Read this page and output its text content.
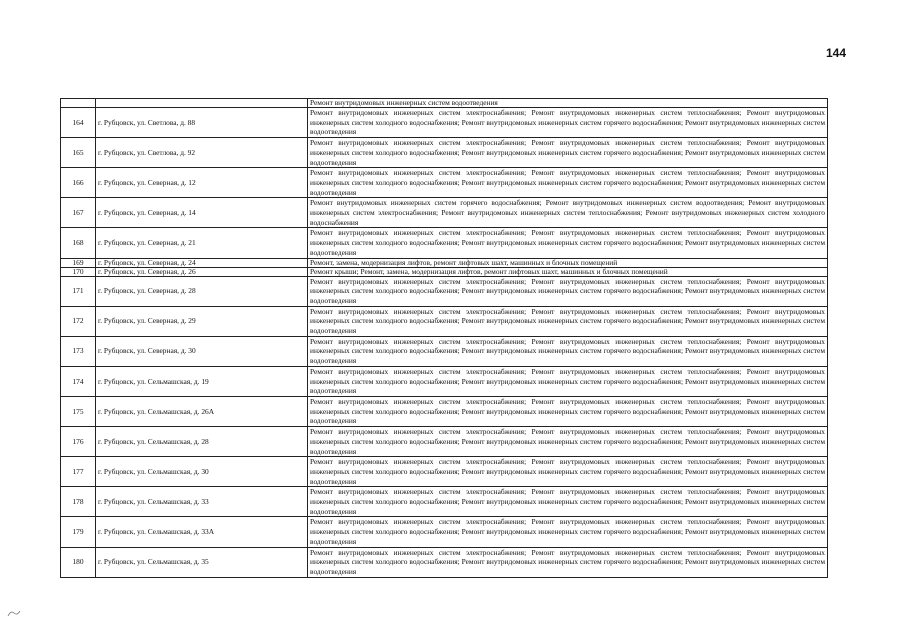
144
		Ремонт внутридомовых инженерных систем водоотведения
164	г. Рубцовск, ул. Светлова, д. 88	Ремонт внутридомовых инженерных систем электроснабжения; Ремонт внутридомовых инженерных систем теплоснабжения; Ремонт внутридомовых инженерных систем холодного водоснабжения; Ремонт внутридомовых инженерных систем горячего водоснабжения; Ремонт внутридомовых инженерных систем водоотведения
165	г. Рубцовск, ул. Светлова, д. 92	Ремонт внутридомовых инженерных систем электроснабжения; Ремонт внутридомовых инженерных систем теплоснабжения; Ремонт внутридомовых инженерных систем холодного водоснабжения; Ремонт внутридомовых инженерных систем горячего водоснабжения; Ремонт внутридомовых инженерных систем водоотведения
166	г. Рубцовск, ул. Северная, д. 12	Ремонт внутридомовых инженерных систем электроснабжения; Ремонт внутридомовых инженерных систем теплоснабжения; Ремонт внутридомовых инженерных систем холодного водоснабжения; Ремонт внутридомовых инженерных систем горячего водоснабжения; Ремонт внутридомовых инженерных систем водоотведения
167	г. Рубцовск, ул. Северная, д. 14	Ремонт внутридомовых инженерных систем горячего водоснабжения; Ремонт внутридомовых инженерных систем водоотведения; Ремонт внутридомовых инженерных систем электроснабжения; Ремонт внутридомовых инженерных систем теплоснабжения; Ремонт внутридомовых инженерных систем холодного водоснабжения
168	г. Рубцовск, ул. Северная, д. 21	Ремонт внутридомовых инженерных систем электроснабжения; Ремонт внутридомовых инженерных систем теплоснабжения; Ремонт внутридомовых инженерных систем холодного водоснабжения; Ремонт внутридомовых инженерных систем горячего водоснабжения; Ремонт внутридомовых инженерных систем водоотведения
169	г. Рубцовск, ул. Северная, д. 24	Ремонт, замена, модернизация лифтов, ремонт лифтовых шахт, машинных и блочных помещений
170	г. Рубцовск, ул. Северная, д. 26	Ремонт крыши; Ремонт, замена, модернизация лифтов, ремонт лифтовых шахт, машинных и блочных помещений
171	г. Рубцовск, ул. Северная, д. 28	Ремонт внутридомовых инженерных систем электроснабжения; Ремонт внутридомовых инженерных систем теплоснабжения; Ремонт внутридомовых инженерных систем холодного водоснабжения; Ремонт внутридомовых инженерных систем горячего водоснабжения; Ремонт внутридомовых инженерных систем водоотведения
172	г. Рубцовск, ул. Северная, д. 29	Ремонт внутридомовых инженерных систем электроснабжения; Ремонт внутридомовых инженерных систем теплоснабжения; Ремонт внутридомовых инженерных систем холодного водоснабжения; Ремонт внутридомовых инженерных систем горячего водоснабжения; Ремонт внутридомовых инженерных систем водоотведения
173	г. Рубцовск, ул. Северная, д. 30	Ремонт внутридомовых инженерных систем электроснабжения; Ремонт внутридомовых инженерных систем теплоснабжения; Ремонт внутридомовых инженерных систем холодного водоснабжения; Ремонт внутридомовых инженерных систем горячего водоснабжения; Ремонт внутридомовых инженерных систем водоотведения
174	г. Рубцовск, ул. Сельмашская, д. 19	Ремонт внутридомовых инженерных систем электроснабжения; Ремонт внутридомовых инженерных систем теплоснабжения; Ремонт внутридомовых инженерных систем холодного водоснабжения; Ремонт внутридомовых инженерных систем горячего водоснабжения; Ремонт внутридомовых инженерных систем водоотведения
175	г. Рубцовск, ул. Сельмашская, д. 26А	Ремонт внутридомовых инженерных систем электроснабжения; Ремонт внутридомовых инженерных систем теплоснабжения; Ремонт внутридомовых инженерных систем холодного водоснабжения; Ремонт внутридомовых инженерных систем горячего водоснабжения; Ремонт внутридомовых инженерных систем водоотведения
176	г. Рубцовск, ул. Сельмашская, д. 28	Ремонт внутридомовых инженерных систем электроснабжения; Ремонт внутридомовых инженерных систем теплоснабжения; Ремонт внутридомовых инженерных систем холодного водоснабжения; Ремонт внутридомовых инженерных систем горячего водоснабжения; Ремонт внутридомовых инженерных систем водоотведения
177	г. Рубцовск, ул. Сельмашская, д. 30	Ремонт внутридомовых инженерных систем электроснабжения; Ремонт внутридомовых инженерных систем теплоснабжения; Ремонт внутридомовых инженерных систем холодного водоснабжения; Ремонт внутридомовых инженерных систем горячего водоснабжения; Ремонт внутридомовых инженерных систем водоотведения
178	г. Рубцовск, ул. Сельмашская, д. 33	Ремонт внутридомовых инженерных систем электроснабжения; Ремонт внутридомовых инженерных систем теплоснабжения; Ремонт внутридомовых инженерных систем холодного водоснабжения; Ремонт внутридомовых инженерных систем горячего водоснабжения; Ремонт внутридомовых инженерных систем водоотведения
179	г. Рубцовск, ул. Сельмашская, д. 33А	Ремонт внутридомовых инженерных систем электроснабжения; Ремонт внутридомовых инженерных систем теплоснабжения; Ремонт внутридомовых инженерных систем холодного водоснабжения; Ремонт внутридомовых инженерных систем горячего водоснабжения; Ремонт внутридомовых инженерных систем водоотведения
180	г. Рубцовск, ул. Сельмашская, д. 35	Ремонт внутридомовых инженерных систем электроснабжения; Ремонт внутридомовых инженерных систем теплоснабжения; Ремонт внутридомовых инженерных систем холодного водоснабжения; Ремонт внутридомовых инженерных систем горячего водоснабжения; Ремонт внутридомовых инженерных систем водоотведения
